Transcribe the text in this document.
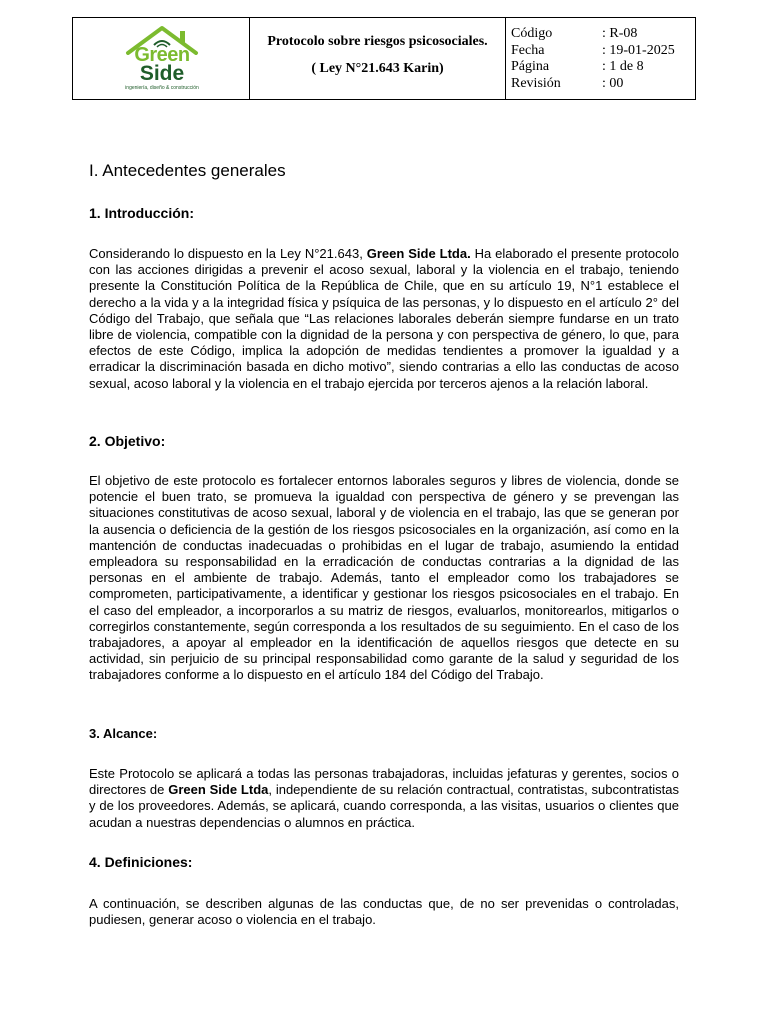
Green
Side
ingeniería, diseño & construcción
Protocolo sobre riesgos psicosociales.
( Ley N°21.643 Karin)
Código	: R-08
Fecha	: 19-01-2025
Página	: 1 de 8
Revisión	: 00
I. Antecedentes generales
1. Introducción:

Considerando lo dispuesto en la Ley N°21.643, Green Side Ltda. Ha elaborado el presente protocolo con las acciones dirigidas a prevenir el acoso sexual, laboral y la violencia en el trabajo, teniendo presente la Constitución Política de la República de Chile, que en su artículo 19, N°1 establece el derecho a la vida y a la integridad física y psíquica de las personas, y lo dispuesto en el artículo 2° del Código del Trabajo, que señala que “Las relaciones laborales deberán siempre fundarse en un trato libre de violencia, compatible con la dignidad de la persona y con perspectiva de género, lo que, para efectos de este Código, implica la adopción de medidas tendientes a promover la igualdad y a erradicar la discriminación basada en dicho motivo”, siendo contrarias a ello las conductas de acoso sexual, acoso laboral y la violencia en el trabajo ejercida por terceros ajenos a la relación laboral.

2. Objetivo:

El objetivo de este protocolo es fortalecer entornos laborales seguros y libres de violencia, donde se potencie el buen trato, se promueva la igualdad con perspectiva de género y se prevengan las situaciones constitutivas de acoso sexual, laboral y de violencia en el trabajo, las que se generan por la ausencia o deficiencia de la gestión de los riesgos psicosociales en la organización, así como en la mantención de conductas inadecuadas o prohibidas en el lugar de trabajo, asumiendo la entidad empleadora su responsabilidad en la erradicación de conductas contrarias a la dignidad de las personas en el ambiente de trabajo. Además, tanto el empleador como los trabajadores se comprometen, participativamente, a identificar y gestionar los riesgos psicosociales en el trabajo. En el caso del empleador, a incorporarlos a su matriz de riesgos, evaluarlos, monitorearlos, mitigarlos o corregirlos constantemente, según corresponda a los resultados de su seguimiento. En el caso de los trabajadores, a apoyar al empleador en la identificación de aquellos riesgos que detecte en su actividad, sin perjuicio de su principal responsabilidad como garante de la salud y seguridad de los trabajadores conforme a lo dispuesto en el artículo 184 del Código del Trabajo.

3. Alcance:

Este Protocolo se aplicará a todas las personas trabajadoras, incluidas jefaturas y gerentes, socios o directores de Green Side Ltda, independiente de su relación contractual, contratistas, subcontratistas y de los proveedores. Además, se aplicará, cuando corresponda, a las visitas, usuarios o clientes que acudan a nuestras dependencias o alumnos en práctica.

4. Definiciones:

A continuación, se describen algunas de las conductas que, de no ser prevenidas o controladas, pudiesen, generar acoso o violencia en el trabajo.
